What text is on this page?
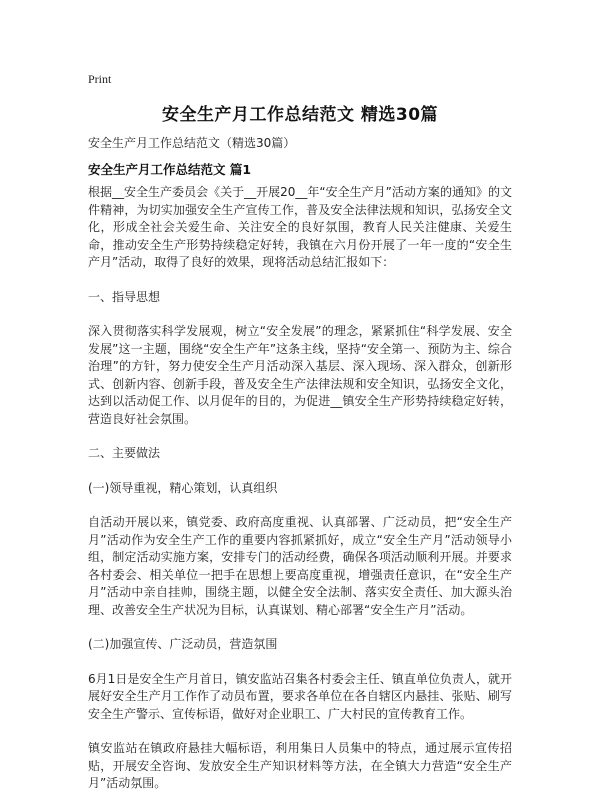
Print
安全生产月工作总结范文 精选30篇
安全生产月工作总结范文（精选30篇）
安全生产月工作总结范文 篇1

根据__安全生产委员会《关于__开展20__年“安全生产月”活动方案的通知》的文件精神，为切实加强安全生产宣传工作，普及安全法律法规和知识，弘扬安全文化，形成全社会关爱生命、关注安全的良好氛围，教育人民关注健康、关爱生命，推动安全生产形势持续稳定好转，我镇在六月份开展了一年一度的“安全生产月”活动，取得了良好的效果，现将活动总结汇报如下：

一、指导思想

深入贯彻落实科学发展观，树立“安全发展”的理念，紧紧抓住“科学发展、安全发展”这一主题，围绕“安全生产年”这条主线，坚持“安全第一、预防为主、综合治理”的方针，努力使安全生产月活动深入基层、深入现场、深入群众，创新形式、创新内容、创新手段，普及安全生产法律法规和安全知识，弘扬安全文化，达到以活动促工作、以月促年的目的，为促进__镇安全生产形势持续稳定好转，营造良好社会氛围。

二、主要做法

(一)领导重视，精心策划，认真组织

自活动开展以来，镇党委、政府高度重视、认真部署、广泛动员，把“安全生产月”活动作为安全生产工作的重要内容抓紧抓好，成立“安全生产月”活动领导小组，制定活动实施方案，安排专门的活动经费，确保各项活动顺利开展。并要求各村委会、相关单位一把手在思想上要高度重视，增强责任意识，在“安全生产月”活动中亲自挂帅，围绕主题，以健全安全法制、落实安全责任、加大源头治理、改善安全生产状况为目标，认真谋划、精心部署“安全生产月”活动。

(二)加强宣传、广泛动员，营造氛围

6月1日是安全生产月首日，镇安监站召集各村委会主任、镇直单位负责人，就开展好安全生产月工作作了动员布置，要求各单位在各自辖区内悬挂、张贴、刷写安全生产警示、宣传标语，做好对企业职工、广大村民的宣传教育工作。

镇安监站在镇政府悬挂大幅标语，利用集日人员集中的特点，通过展示宣传招贴，开展安全咨询、发放安全生产知识材料等方法，在全镇大力营造“安全生产月”活动氛围。
